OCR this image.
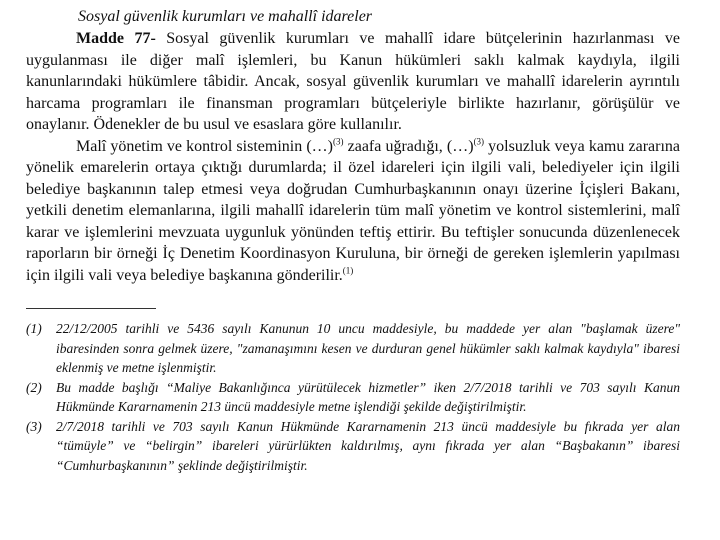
Sosyal güvenlik kurumları ve mahallî idareler

Madde 77- Sosyal güvenlik kurumları ve mahallî idare bütçelerinin hazırlanması ve uygulanması ile diğer malî işlemleri, bu Kanun hükümleri saklı kalmak kaydıyla, ilgili kanunlarındaki hükümlere tâbidir. Ancak, sosyal güvenlik kurumları ve mahallî idarelerin ayrıntılı harcama programları ile finansman programları bütçeleriyle birlikte hazırlanır, görüşülür ve onaylanır. Ödenekler de bu usul ve esaslara göre kullanılır.

Malî yönetim ve kontrol sisteminin (…)$^{(3)}$ zaafa uğradığı, (…)$^{(3)}$ yolsuzluk veya kamu zararına yönelik emarelerin ortaya çıktığı durumlarda; il özel idareleri için ilgili vali, belediyeler için ilgili belediye başkanının talep etmesi veya doğrudan Cumhurbaşkanının onayı üzerine İçişleri Bakanı, yetkili denetim elemanlarına, ilgili mahallî idarelerin tüm malî yönetim ve kontrol sistemlerini, malî karar ve işlemlerini mevzuata uygunluk yönünden teftiş ettirir. Bu teftişler sonucunda düzenlenecek raporların bir örneği İç Denetim Koordinasyon Kuruluna, bir örneği de gereken işlemlerin yapılması için ilgili vali veya belediye başkanına gönderilir.$^{(1)}$

(1)	22/12/2005 tarihli ve 5436 sayılı Kanunun 10 uncu maddesiyle, bu maddede yer alan "başlamak üzere" ibaresinden sonra gelmek üzere, "zamanaşımını kesen ve durduran genel hükümler saklı kalmak kaydıyla" ibaresi eklenmiş ve metne işlenmiştir.
(2)	Bu madde başlığı “Maliye Bakanlığınca yürütülecek hizmetler” iken 2/7/2018 tarihli ve 703 sayılı Kanun Hükmünde Kararnamenin 213 üncü maddesiyle metne işlendiği şekilde değiştirilmiştir.
(3)	2/7/2018 tarihli ve 703 sayılı Kanun Hükmünde Kararnamenin 213 üncü maddesiyle bu fıkrada yer alan “tümüyle” ve “belirgin” ibareleri yürürlükten kaldırılmış, aynı fıkrada yer alan “Başbakanın” ibaresi “Cumhurbaşkanının” şeklinde değiştirilmiştir.
